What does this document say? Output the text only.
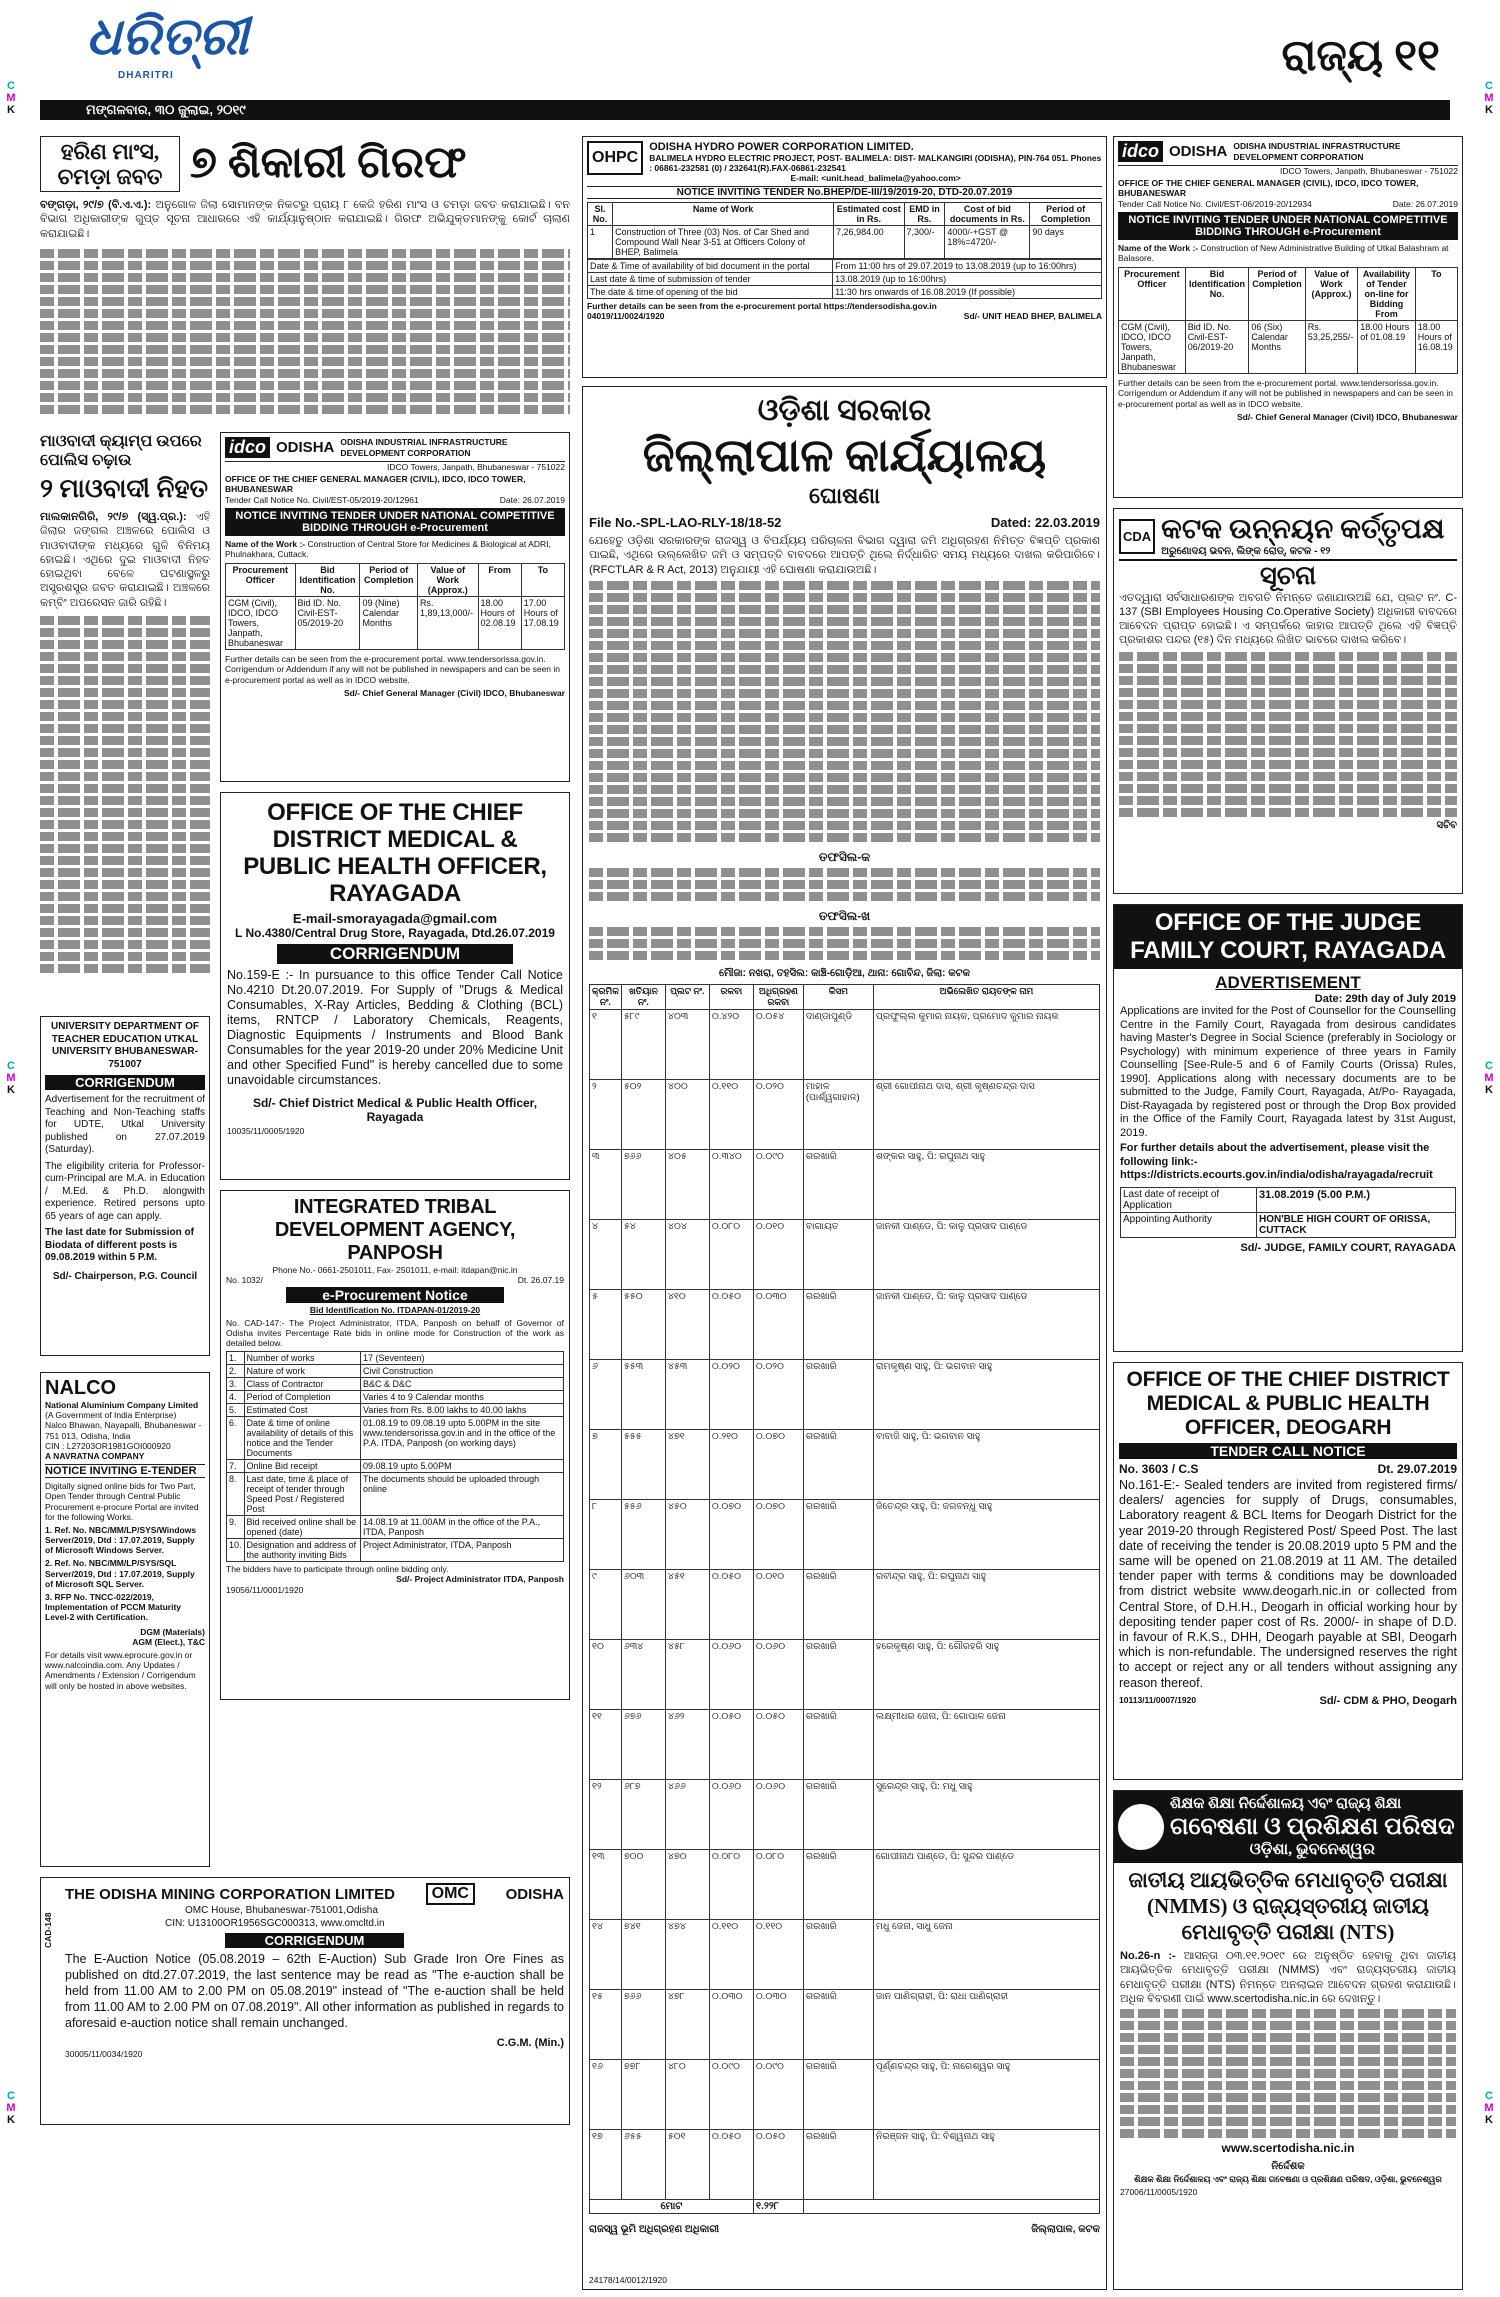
ଧରିତ୍ରୀ
DHARITRI
ମଙ୍ଗଳବାର, ୩୦ ଜୁଲାଇ, ୨୦୧୯
ରାଜ୍ୟ ୧୧
C
M
K
C
M
K
C
M
K
C
M
K
C
M
K
C
M
K
ହରିଣ ମାଂସ, ଚମଡ଼ା ଜବତ ୭ ଶିକାରୀ ଗିରଫ
ବଙ୍ଗଡ଼ା, ୨୯/୭ (ବି.ଏ.ଏ.): ଅନୁଗୋଳ ଜିଲା ସୋମାନଙ୍କ ନିକଟରୁ ପ୍ରାୟ ୮ କେଜି ହରିଣ ମାଂସ ଓ ଚମଡ଼ା ଜବତ କରାଯାଇଛି। ବନ ବିଭାଗ ଅଧିକାରୀଙ୍କ ଗୁପ୍ତ ସୂଚନା ଆଧାରରେ ଏହି କାର୍ଯ୍ୟାନୁଷ୍ଠାନ କରାଯାଇଛି। ଗିରଫ ଅଭିଯୁକ୍ତମାନଙ୍କୁ କୋର୍ଟ ଚାଲାଣ କରାଯାଇଛି।
ମାଓବାଦୀ କ୍ୟାମ୍ପ ଉପରେ ପୋଲିସ ଚଢ଼ାଉ
୨ ମାଓବାଦୀ ନିହତ
ମାଲକାନଗିରି, ୨୯/୭ (ସ୍ୱ.ପ୍ର.): ଏହି ଜିଲାର ଜଙ୍ଗଲ ଅଞ୍ଚଳରେ ପୋଲିସ ଓ ମାଓବାଦୀଙ୍କ ମଧ୍ୟରେ ଗୁଳି ବିନିମୟ ହୋଇଛି। ଏଥିରେ ଦୁଇ ମାଓବାଦୀ ନିହତ ହୋଇଥିବା ବେଳେ ଘଟଣାସ୍ଥଳରୁ ଅସ୍ତ୍ରଶସ୍ତ୍ର ଜବତ କରାଯାଇଛି। ଅଞ୍ଚଳରେ କମ୍ବିଂ ଅପରେସନ ଜାରି ରହିଛି।
UNIVERSITY DEPARTMENT OF TEACHER EDUCATION UTKAL UNIVERSITY BHUBANESWAR-751007
CORRIGENDUM
Advertisement for the recruitment of Teaching and Non-Teaching staffs for UDTE, Utkal University published on 27.07.2019 (Saturday).
The eligibility criteria for Professor-cum-Principal are M.A. in Education / M.Ed. & Ph.D. alongwith experience. Retired persons upto 65 years of age can apply.
The last date for Submission of Biodata of different posts is 09.08.2019 within 5 P.M.
Sd/- Chairperson, P.G. Council
NALCO
National Aluminium Company Limited
(A Government of India Enterprise)
Nalco Bhawan, Nayapalli, Bhubaneswar - 751 013, Odisha, India
CIN : L27203OR1981GOI000920
A NAVRATNA COMPANY
NOTICE INVITING E-TENDER
Digitally signed online bids for Two Part, Open Tender through Central Public Procurement e-procure Portal are invited for the following Works.
1. Ref. No. NBC/MM/LP/SYS/Windows Server/2019, Dtd : 17.07.2019, Supply of Microsoft Windows Server.
2. Ref. No. NBC/MM/LP/SYS/SQL Server/2019, Dtd : 17.07.2019, Supply of Microsoft SQL Server.
3. RFP No. TNCC-022/2019, Implementation of PCCM Maturity Level-2 with Certification.
DGM (Materials)
AGM (Elect.), T&C
For details visit www.eprocure.gov.in or www.nalcoindia.com. Any Updates / Amendments / Extension / Corrigendum will only be hosted in above websites.
idco ODISHA ODISHA INDUSTRIAL INFRASTRUCTURE DEVELOPMENT CORPORATION
IDCO Towers, Janpath, Bhubaneswar - 751022
OFFICE OF THE CHIEF GENERAL MANAGER (CIVIL), IDCO, IDCO TOWER, BHUBANESWAR
Tender Call Notice No. Civil/EST-05/2019-20/12961	Date: 26.07.2019
NOTICE INVITING TENDER UNDER NATIONAL COMPETITIVE BIDDING THROUGH e-Procurement
Name of the Work :- Construction of Central Store for Medicines & Biological at ADRI, Phulnakhara, Cuttack.
Procurement Officer	Bid Identification No.	Period of Completion	Value of Work (Approx.)	From	To
CGM (Civil), IDCO, IDCO Towers, Janpath, Bhubaneswar	Bid ID. No. Civil-EST-05/2019-20	09 (Nine) Calendar Months	Rs. 1,89,13,000/-	18.00 Hours of 02.08.19	17.00 Hours of 17.08.19
Further details can be seen from the e-procurement portal. www.tendersorissa.gov.in. Corrigendum or Addendum if any will not be published in newspapers and can be seen in e-procurement portal as well as in IDCO website.
Sd/- Chief General Manager (Civil) IDCO, Bhubaneswar
OFFICE OF THE CHIEF DISTRICT MEDICAL & PUBLIC HEALTH OFFICER, RAYAGADA
E-mail-smorayagada@gmail.com
L No.4380/Central Drug Store, Rayagada, Dtd.26.07.2019
CORRIGENDUM
No.159-E :- In pursuance to this office Tender Call Notice No.4210 Dt.20.07.2019. For Supply of "Drugs & Medical Consumables, X-Ray Articles, Bedding & Clothing (BCL) items, RNTCP / Laboratory Chemicals, Reagents, Diagnostic Equipments / Instruments and Blood Bank Consumables for the year 2019-20 under 20% Medicine Unit and other Specified Fund" is hereby cancelled due to some unavoidable circumstances.
Sd/- Chief District Medical & Public Health Officer, Rayagada
10035/11/0005/1920
INTEGRATED TRIBAL DEVELOPMENT AGENCY, PANPOSH
Phone No.- 0661-2501011, Fax- 2501011, e-mail: itdapan@nic.in
No. 1032/	Dt. 26.07.19
e-Procurement Notice
Bid Identification No. ITDAPAN-01/2019-20
No. CAD-147:- The Project Administrator, ITDA, Panposh on behalf of Governor of Odisha invites Percentage Rate bids in online mode for Construction of the work as detailed below.
1.	Number of works	17 (Seventeen)
2.	Nature of work	Civil Construction
3.	Class of Contractor	B&C & D&C
4.	Period of Completion	Varies 4 to 9 Calendar months
5.	Estimated Cost	Varies from Rs. 8.00 lakhs to 40.00 lakhs
6.	Date & time of online availability of details of this notice and the Tender Documents	01.08.19 to 09.08.19 upto 5.00PM in the site www.tendersorissa.gov.in and in the office of the P.A. ITDA, Panposh (on working days)
7.	Online Bid receipt	09.08.19 upto 5.00PM
8.	Last date, time & place of receipt of tender through Speed Post / Registered Post	The documents should be uploaded through online
9.	Bid received online shall be opened (date)	14.08.19 at 11.00AM in the office of the P.A., ITDA, Panposh
10.	Designation and address of the authority inviting Bids	Project Administrator, ITDA, Panposh
The bidders have to participate through online bidding only.
Sd/- Project Administrator ITDA, Panposh
19056/11/0001/1920
CAD-148
THE ODISHA MINING CORPORATION LIMITED	OMC	ODISHA
OMC House, Bhubaneswar-751001,Odisha
CIN: U13100OR1956SGC000313, www.omcltd.in
CORRIGENDUM
The E-Auction Notice (05.08.2019 – 62th E-Auction) Sub Grade Iron Ore Fines as published on dtd.27.07.2019, the last sentence may be read as "The e-auction shall be held from 11.00 AM to 2.00 PM on 05.08.2019" instead of "The e-auction shall be held from 11.00 AM to 2.00 PM on 07.08.2019". All other information as published in regards to aforesaid e-auction notice shall remain unchanged.
C.G.M. (Min.)
30005/11/0034/1920
OHPC
ODISHA HYDRO POWER CORPORATION LIMITED.
BALIMELA HYDRO ELECTRIC PROJECT, POST- BALIMELA: DIST- MALKANGIRI (ODISHA), PIN-764 051. Phones : 06861-232581 (0) / 232641(R).FAX-06861-232541
E-mail: <unit.head_balimela@yahoo.com>
NOTICE INVITING TENDER No.BHEP/DE-III/19/2019-20, DTD-20.07.2019
Sl. No.	Name of Work	Estimated cost in Rs.	EMD in Rs.	Cost of bid documents in Rs.	Period of Completion
1	Construction of Three (03) Nos. of Car Shed and Compound Wall Near 3-51 at Officers Colony of BHEP, Balimela	7,26,984.00	7,300/-	4000/-+GST @ 18%=4720/-	90 days
Date & Time of availability of bid document in the portal	From 11:00 hrs of 29.07.2019 to 13.08.2019 (up to 16:00hrs)
Last date & time of submission of tender	13.08.2019 (up to 16:00hrs)
The date & time of opening of the bid	11:30 hrs onwards of 16.08.2019 (If possible)
Further details can be seen from the e-procurement portal https://tendersodisha.gov.in
04019/11/0024/1920	Sd/- UNIT HEAD BHEP, BALIMELA
ଓଡ଼ିଶା ସରକାର
ଜିଲ୍ଲାପାଳ କାର୍ଯ୍ୟାଳୟ
ଘୋଷଣା
File No.-SPL-LAO-RLY-18/18-52	Dated: 22.03.2019
ଯେହେତୁ ଓଡ଼ିଶା ସରକାରଙ୍କ ରାଜସ୍ୱ ଓ ବିପର୍ଯ୍ୟୟ ପରିଚାଳନା ବିଭାଗ ଦ୍ୱାରା ଜମି ଅଧିଗ୍ରହଣ ନିମିତ୍ତ ବିଜ୍ଞପ୍ତି ପ୍ରକାଶ ପାଇଛି, ଏଥିରେ ଉଲ୍ଲେଖିତ ଜମି ଓ ସମ୍ପତ୍ତି ବାବଦରେ ଆପତ୍ତି ଥିଲେ ନିର୍ଦ୍ଧାରିତ ସମୟ ମଧ୍ୟରେ ଦାଖଲ କରିପାରିବେ। (RFCTLAR & R Act, 2013) ଅନୁଯାୟୀ ଏହି ଘୋଷଣା କରାଯାଉଅଛି।
ତଫସିଲ-କ
ତଫସିଲ-ଖ
ମୌଜା: ନଖରା, ତହସିଲ: କାଞ୍ଚି-ଗୋଡ଼ିଆ, ଥାନା: ଗୋବିନ୍ଦ, ଜିଲା: କଟକ
କ୍ରମିକ ନଂ.	ଖତିୟାନ ନଂ.	ପ୍ଲଟ ନଂ.	ରକବା	ଅଧିଗ୍ରହଣ ରକବା	କିସମ	ଅଭିଲେଖିତ ରାୟତଙ୍କ ନାମ
୧	୫୮୯	୪୦୩	୦.୪୨୦	୦.୦୫୪	ଦାଣ୍ଡାପୁଣ୍ଡି	ପ୍ରଫୁଲ୍ଲ କୁମାର ନାୟକ, ପ୍ରମୋଦ କୁମାର ନାୟକ
୨	୫୦୨	୪୦୦	୦.୧୧୦	୦.୦୨୦	ମାହାଳ (ପାର୍ଶ୍ୱଗାହାଳ)	ଶ୍ରୀ ଗୋପୀନାଥ ଦାସ, ଶ୍ରୀ କୃଷ୍ଣଚନ୍ଦ୍ର ଦାସ
୩	୭୬୬	୪୦୫	୦.୩୪୦	୦.୦୯୦	ଗରଖାରି	ଶଙ୍କର ସାହୁ, ପି: ରଘୁନାଥ ସାହୁ
୪	୫୪	୪୦୪	୦.୦୮୦	୦.୦୧୦	ବାଗାୟତ	ଜାନକୀ ପାଣ୍ଡେ, ପି: କାଳୁ ପ୍ରସାଦ ପାଣ୍ଡେ
୫	୫୫୦	୪୧୦	୦.୦୫୦	୦.୦୩୦	ଗରଖାରି	ଜାନକୀ ପାଣ୍ଡେ, ପି: କାଳୁ ପ୍ରସାଦ ପାଣ୍ଡେ
୬	୫୫୩	୪୫୩	୦.୦୨୦	୦.୦୨୦	ଗରଖାରି	ରାମକୃଷ୍ଣ ସାହୁ, ପି: ଭଗବାନ ସାହୁ
୭	୫୫୫	୪୭୧	୦.୨୧୦	୦.୦୭୦	ଗରଖାରି	ବାବାଜି ସାହୁ, ପି: ଭଗବାନ ସାହୁ
୮	୫୫୬	୪୫୦	୦.୦୭୦	୦.୦୭୦	ଗରଖାରି	ଜିତେନ୍ଦ୍ର ସାହୁ, ପି: ଜଗବନ୍ଧୁ ସାହୁ
୯	୬୦୩	୪୫୧	୦.୦୫୦	୦.୦୧୦	ଗରଖାରି	ରବୀନ୍ଦ୍ର ସାହୁ, ପି: ରଘୁନାଥ ସାହୁ
୧୦	୬୩୪	୪୫୮	୦.୦୬୦	୦.୦୬୦	ଗରଖାରି	ହରେକୃଷ୍ଣ ସାହୁ, ପି: ଗୌରହରି ସାହୁ
୧୧	୬୭୬	୪୬୨	୦.୦୫୦	୦.୦୫୦	ଗରଖାରି	ଲକ୍ଷ୍ମୀଧର ଜେନା, ପି: ଗୋପାଳ ଜେନା
୧୨	୬୮୭	୪୬୬	୦.୦୬୦	୦.୦୬୦	ଗରଖାରି	ସୁରେନ୍ଦ୍ର ସାହୁ, ପି: ମଧୁ ସାହୁ
୧୩	୭୦୦	୪୭୦	୦.୦୮୦	୦.୦୮୦	ଗରଖାରି	ଗୋପୀନାଥ ପାଣ୍ଡେ, ପି: ସୁନ୍ଦର ପାଣ୍ଡେ
୧୪	୭୪୧	୪୭୪	୦.୧୧୦	୦.୧୧୦	ଗରଖାରି	ମଧୁ ଜେନା, ସାଧୁ ଜେନା
୧୫	୭୬୬	୪୭୮	୦.୦୩୦	୦.୦୩୦	ଗରଖାରି	ଜାନ ପାଣିଗ୍ରାହୀ, ପି: ରାଧା ପାଣିଗ୍ରାହୀ
୧୬	୭୭୮	୪୮୦	୦.୦୯୦	୦.୦୯୦	ଗରଖାରି	ପୂର୍ଣ୍ଣଚନ୍ଦ୍ର ସାହୁ, ପି: ନାଗେଶ୍ୱର ସାହୁ
୧୭	୬୫୫	୫୦୧	୦.୦୫୦	୦.୦୫୦	ଗରଖାରି	ନିରଞ୍ଜନ ସାହୁ, ପି: ବିଶ୍ୱନାଥ ସାହୁ
ମୋଟ				୧.୨୨୮		
ରାଜସ୍ୱ ଭୂମି ଅଧିଗ୍ରହଣ ଅଧିକାରୀ	ଜିଲ୍ଲାପାଳ, କଟକ
24178/14/0012/1920
idco ODISHA ODISHA INDUSTRIAL INFRASTRUCTURE DEVELOPMENT CORPORATION
IDCO Towers, Janpath, Bhubaneswar - 751022
OFFICE OF THE CHIEF GENERAL MANAGER (CIVIL), IDCO, IDCO TOWER, BHUBANESWAR
Tender Call Notice No. Civil/EST-06/2019-20/12934	Date: 26.07.2019
NOTICE INVITING TENDER UNDER NATIONAL COMPETITIVE BIDDING THROUGH e-Procurement
Name of the Work :- Construction of New Administrative Building of Utkal Balashram at Balasore.
Procurement Officer	Bid Identification No.	Period of Completion	Value of Work (Approx.)	Availability of Tender on-line for Bidding From	To
CGM (Civil), IDCO, IDCO Towers, Janpath, Bhubaneswar	Bid ID. No. Civil-EST-06/2019-20	06 (Six) Calendar Months	Rs. 53,25,255/-	18.00 Hours of 01.08.19	18.00 Hours of 16.08.19
Further details can be seen from the e-procurement portal. www.tendersorissa.gov.in. Corrigendum or Addendum if any will not be published in newspapers and can be seen in e-procurement portal as well as in IDCO website.
Sd/- Chief General Manager (Civil) IDCO, Bhubaneswar
CDA କଟକ ଉନ୍ନୟନ କର୍ତ୍ତୃପକ୍ଷ
ଅରୁଣୋଦୟ ଭବନ, ଲିଙ୍କ ରୋଡ୍, କଟକ - ୧୨
ସୂଚନା
ଏତଦ୍ୱାରା ସର୍ବସାଧାରଣଙ୍କ ଅବଗତି ନିମନ୍ତେ ଜଣାଯାଉଅଛି ଯେ, ପ୍ଲଟ ନଂ. C-137 (SBI Employees Housing Co.Operative Society) ଅଧିକାରୀ ବାବଦରେ ଆବେଦନ ପ୍ରାପ୍ତ ହୋଇଛି। ଏ ସମ୍ପର୍କରେ କାହାର ଆପତ୍ତି ଥିଲେ ଏହି ବିଜ୍ଞପ୍ତି ପ୍ରକାଶର ପନ୍ଦର (୧୫) ଦିନ ମଧ୍ୟରେ ଲିଖିତ ଭାବରେ ଦାଖଲ କରିବେ।
ସଚିବ
OFFICE OF THE JUDGE FAMILY COURT, RAYAGADA
ADVERTISEMENT
Date: 29th day of July 2019
Applications are invited for the Post of Counsellor for the Counselling Centre in the Family Court, Rayagada from desirous candidates having Master's Degree in Social Science (preferably in Sociology or Psychology) with minimum experience of three years in Family Counselling [See-Rule-5 and 6 of Family Courts (Orissa) Rules, 1990]. Applications along with necessary documents are to be submitted to the Judge, Family Court, Rayagada, At/Po- Rayagada, Dist-Rayagada by registered post or through the Drop Box provided in the Office of the Family Court, Rayagada latest by 31st August, 2019.
For further details about the advertisement, please visit the following link:- https://districts.ecourts.gov.in/india/odisha/rayagada/recruit
Last date of receipt of Application	31.08.2019 (5.00 P.M.)
Appointing Authority	HON'BLE HIGH COURT OF ORISSA, CUTTACK
Sd/- JUDGE, FAMILY COURT, RAYAGADA
OFFICE OF THE CHIEF DISTRICT MEDICAL & PUBLIC HEALTH OFFICER, DEOGARH
TENDER CALL NOTICE
No. 3603 / C.S	Dt. 29.07.2019
No.161-E:- Sealed tenders are invited from registered firms/ dealers/ agencies for supply of Drugs, consumables, Laboratory reagent & BCL Items for Deogarh District for the year 2019-20 through Registered Post/ Speed Post. The last date of receiving the tender is 20.08.2019 upto 5 PM and the same will be opened on 21.08.2019 at 11 AM. The detailed tender paper with terms & conditions may be downloaded from district website www.deogarh.nic.in or collected from Central Store, of D.H.H., Deogarh in official working hour by depositing tender paper cost of Rs. 2000/- in shape of D.D. in favour of R.K.S., DHH, Deogarh payable at SBI, Deogarh which is non-refundable. The undersigned reserves the right to accept or reject any or all tenders without assigning any reason thereof.
10113/11/0007/1920	Sd/- CDM & PHO, Deogarh
ଶିକ୍ଷକ ଶିକ୍ଷା ନିର୍ଦ୍ଦେଶାଳୟ ଏବଂ ରାଜ୍ୟ ଶିକ୍ଷା
ଗବେଷଣା ଓ ପ୍ରଶିକ୍ଷଣ ପରିଷଦ
ଓଡ଼ିଶା, ଭୁବନେଶ୍ୱର
ଜାତୀୟ ଆୟଭିତ୍ତିକ ମେଧାବୃତ୍ତି ପରୀକ୍ଷା (NMMS) ଓ ରାଜ୍ୟସ୍ତରୀୟ ଜାତୀୟ ମେଧାବୃତ୍ତି ପରୀକ୍ଷା (NTS)
No.26-n :- ଆସନ୍ତା ୦୩.୧୧.୨୦୧୯ ରେ ଅନୁଷ୍ଠିତ ହେବାକୁ ଥିବା ଜାତୀୟ ଆୟଭିତ୍ତିକ ମେଧାବୃତ୍ତି ପରୀକ୍ଷା (NMMS) ଏବଂ ରାଜ୍ୟସ୍ତରୀୟ ଜାତୀୟ ମେଧାବୃତ୍ତି ପରୀକ୍ଷା (NTS) ନିମନ୍ତେ ଅନଲାଇନ ଆବେଦନ ଗ୍ରହଣ କରାଯାଉଛି। ଅଧିକ ବିବରଣୀ ପାଇଁ www.scertodisha.nic.in ରେ ଦେଖନ୍ତୁ।
www.scertodisha.nic.in
ନିର୍ଦ୍ଦେଶକ
ଶିକ୍ଷକ ଶିକ୍ଷା ନିର୍ଦ୍ଦେଶାଳୟ ଏବଂ ରାଜ୍ୟ ଶିକ୍ଷା ଗବେଷଣା ଓ ପ୍ରଶିକ୍ଷଣ ପରିଷଦ, ଓଡ଼ିଶା, ଭୁବନେଶ୍ୱର
27006/11/0005/1920
